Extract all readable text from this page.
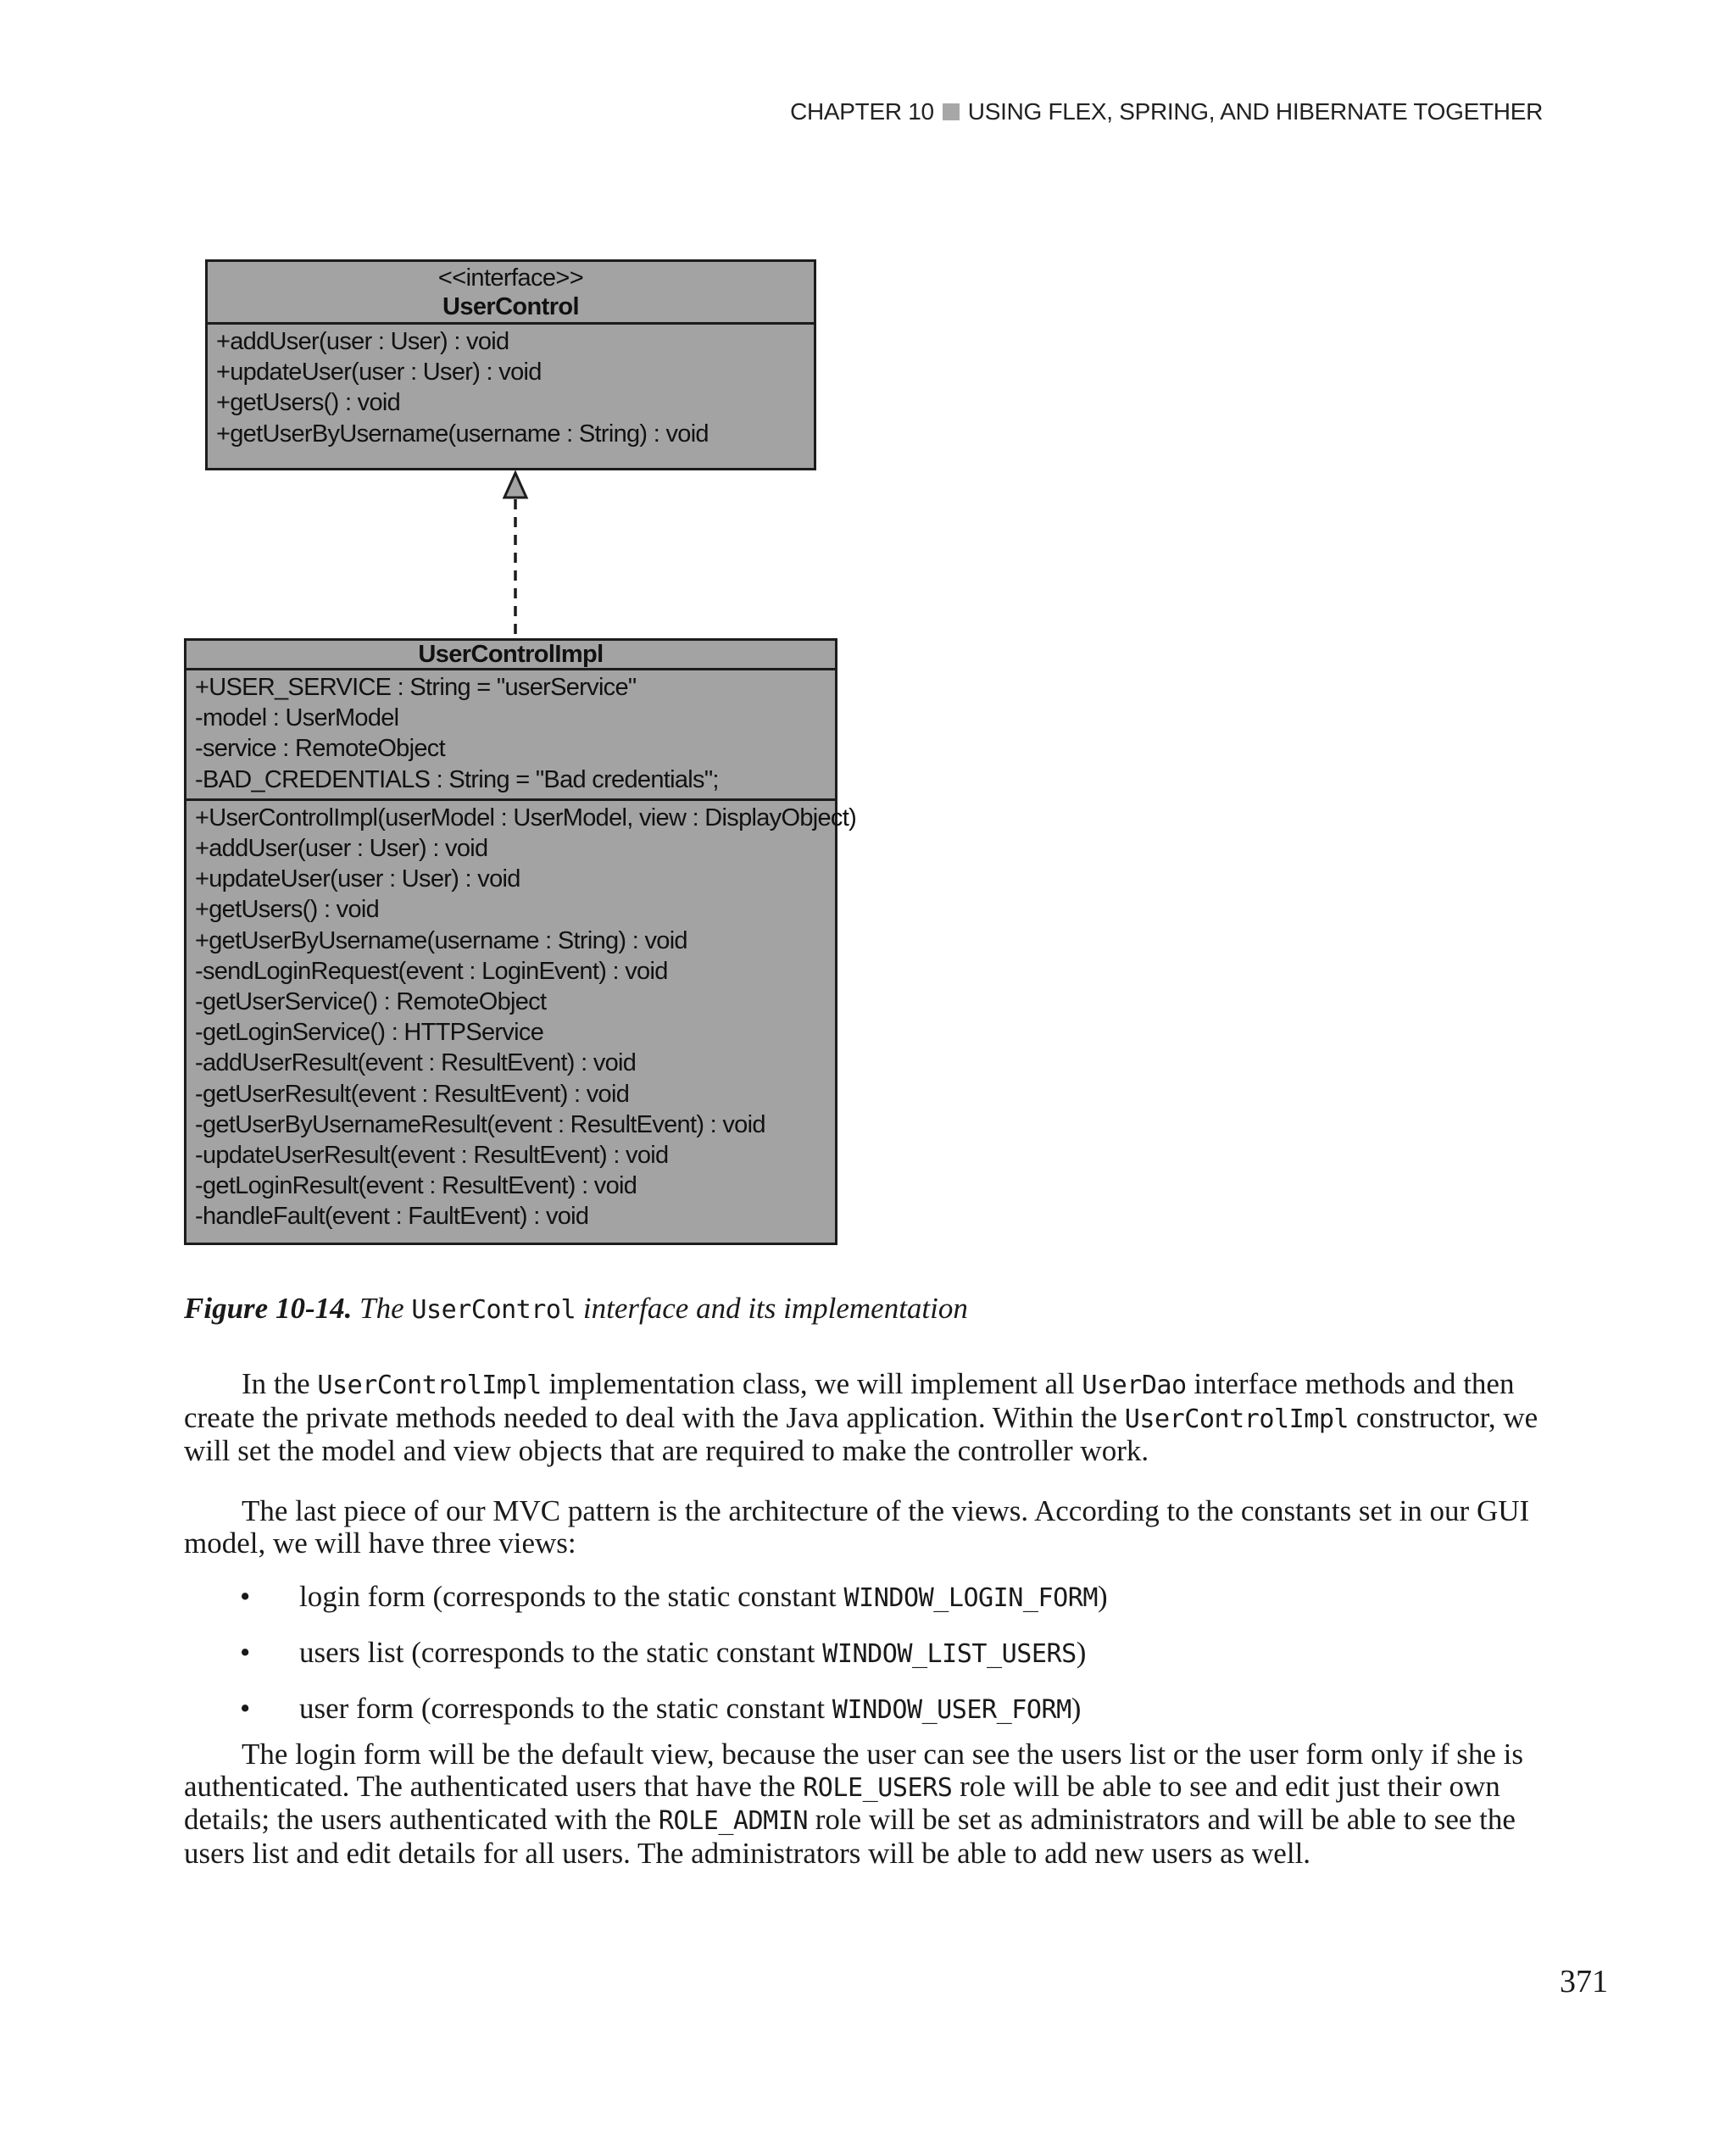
CHAPTER 10 USING FLEX, SPRING, AND HIBERNATE TOGETHER
<<interface>>
UserControl
+addUser(user : User) : void
+updateUser(user : User) : void
+getUsers() : void
+getUserByUsername(username : String) : void
UserControlImpl
+USER_SERVICE : String = "userService"
-model : UserModel
-service : RemoteObject
-BAD_CREDENTIALS : String = "Bad credentials";
+UserControlImpl(userModel : UserModel, view : DisplayObject)
+addUser(user : User) : void
+updateUser(user : User) : void
+getUsers() : void
+getUserByUsername(username : String) : void
-sendLoginRequest(event : LoginEvent) : void
-getUserService() : RemoteObject
-getLoginService() : HTTPService
-addUserResult(event : ResultEvent) : void
-getUserResult(event : ResultEvent) : void
-getUserByUsernameResult(event : ResultEvent) : void
-updateUserResult(event : ResultEvent) : void
-getLoginResult(event : ResultEvent) : void
-handleFault(event : FaultEvent) : void
Figure 10-14. The UserControl interface and its implementation

In the UserControlImpl implementation class, we will implement all UserDao interface methods and then create the private methods needed to deal with the Java application. Within the UserControlImpl constructor, we will set the model and view objects that are required to make the controller work.

The last piece of our MVC pattern is the architecture of the views. According to the constants set in our GUI model, we will have three views:

• login form (corresponds to the static constant WINDOW_LOGIN_FORM)
• users list (corresponds to the static constant WINDOW_LIST_USERS)
• user form (corresponds to the static constant WINDOW_USER_FORM)

The login form will be the default view, because the user can see the users list or the user form only if she is authenticated. The authenticated users that have the ROLE_USERS role will be able to see and edit just their own details; the users authenticated with the ROLE_ADMIN role will be set as administrators and will be able to see the users list and edit details for all users. The administrators will be able to add new users as well.

371
